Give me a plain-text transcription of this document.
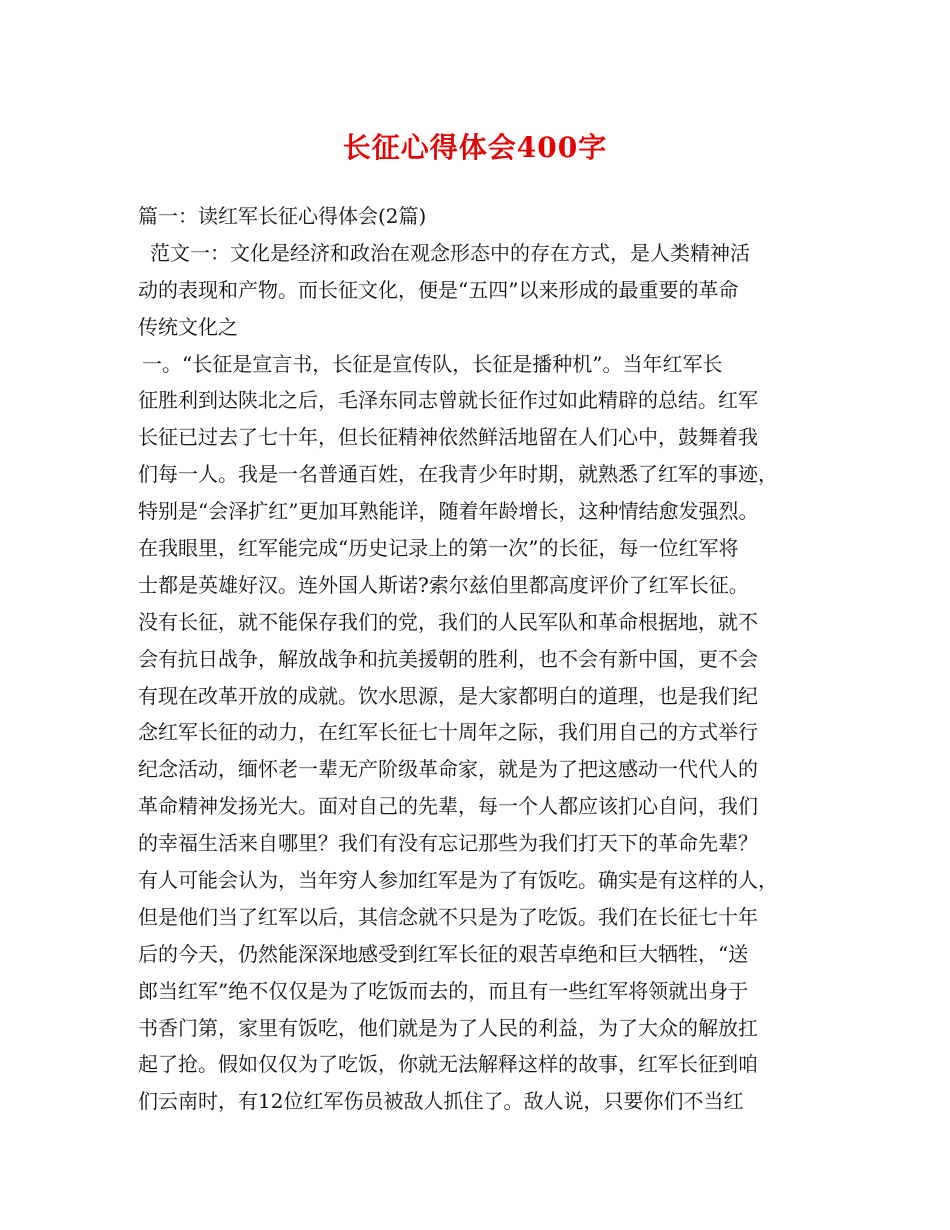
长征心得体会400字
篇一：读红军长征心得体会(2篇)
范文一：文化是经济和政治在观念形态中的存在方式，是人类精神活
动的表现和产物。而长征文化，便是“五四”以来形成的最重要的革命
传统文化之
一。“长征是宣言书，长征是宣传队，长征是播种机”。当年红军长
征胜利到达陕北之后，毛泽东同志曾就长征作过如此精辟的总结。红军
长征已过去了七十年，但长征精神依然鲜活地留在人们心中，鼓舞着我
们每一人。我是一名普通百姓，在我青少年时期，就熟悉了红军的事迹，
特别是“会泽扩红”更加耳熟能详，随着年龄增长，这种情结愈发强烈。
在我眼里，红军能完成“历史记录上的第一次”的长征，每一位红军将
士都是英雄好汉。连外国人斯诺?索尔兹伯里都高度评价了红军长征。
没有长征，就不能保存我们的党，我们的人民军队和革命根据地，就不
会有抗日战争，解放战争和抗美援朝的胜利，也不会有新中国，更不会
有现在改革开放的成就。饮水思源，是大家都明白的道理，也是我们纪
念红军长征的动力，在红军长征七十周年之际，我们用自己的方式举行
纪念活动，缅怀老一辈无产阶级革命家，就是为了把这感动一代代人的
革命精神发扬光大。面对自己的先辈，每一个人都应该扪心自问，我们
的幸福生活来自哪里？我们有没有忘记那些为我们打天下的革命先辈？
有人可能会认为，当年穷人参加红军是为了有饭吃。确实是有这样的人，
但是他们当了红军以后，其信念就不只是为了吃饭。我们在长征七十年
后的今天，仍然能深深地感受到红军长征的艰苦卓绝和巨大牺牲，“送
郎当红军”绝不仅仅是为了吃饭而去的，而且有一些红军将领就出身于
书香门第，家里有饭吃，他们就是为了人民的利益，为了大众的解放扛
起了抢。假如仅仅为了吃饭，你就无法解释这样的故事，红军长征到咱
们云南时，有12位红军伤员被敌人抓住了。敌人说，只要你们不当红
